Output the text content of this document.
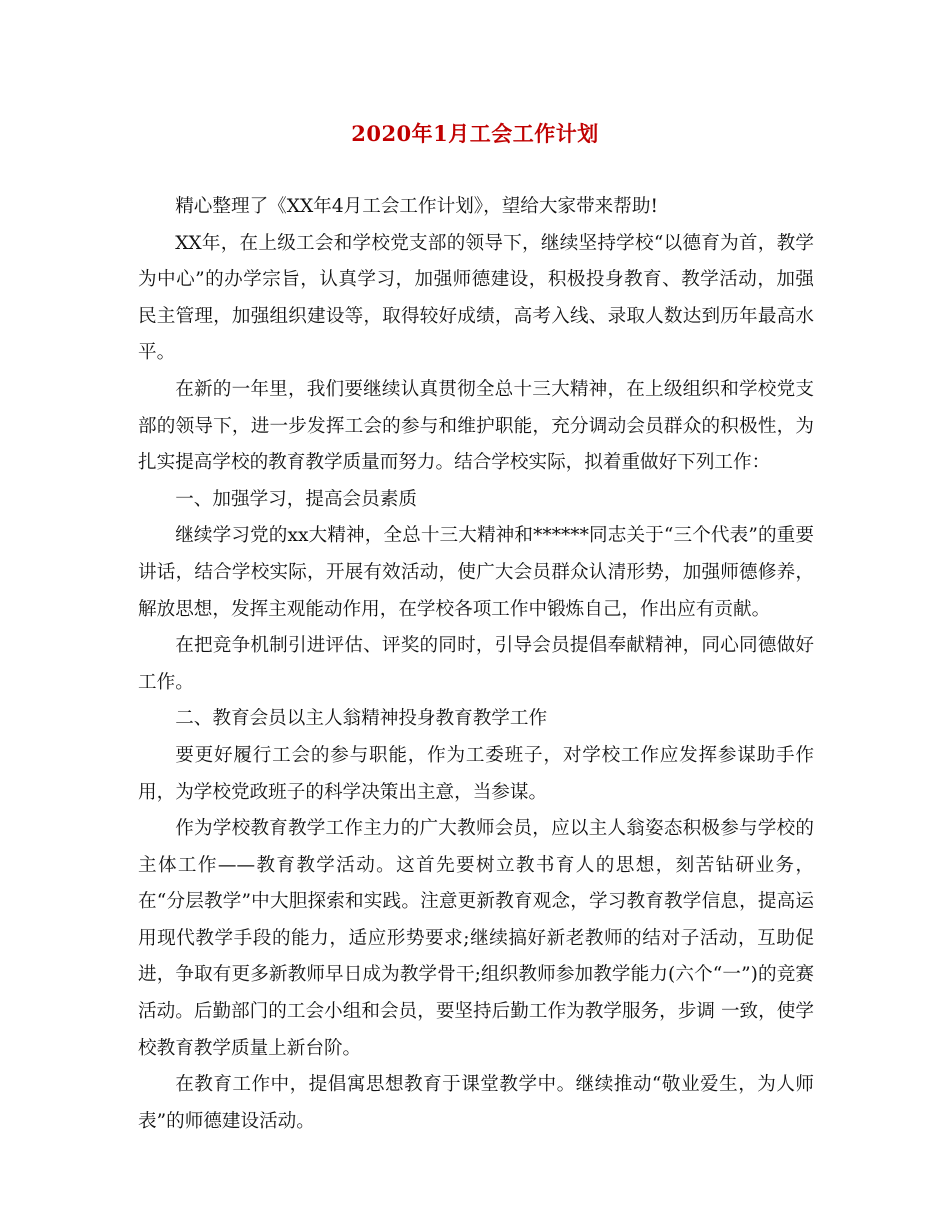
2020年1月工会工作计划

精心整理了《XX年4月工会工作计划》，望给大家带来帮助!

XX年，在上级工会和学校党支部的领导下，继续坚持学校“以德育为首，教学为中心”的办学宗旨，认真学习，加强师德建设，积极投身教育、教学活动，加强民主管理，加强组织建设等，取得较好成绩，高考入线、录取人数达到历年最高水平。

在新的一年里，我们要继续认真贯彻全总十三大精神，在上级组织和学校党支部的领导下，进一步发挥工会的参与和维护职能，充分调动会员群众的积极性，为扎实提高学校的教育教学质量而努力。结合学校实际，拟着重做好下列工作：

一、加强学习，提高会员素质

继续学习党的xx大精神，全总十三大精神和******同志关于“三个代表”的重要讲话，结合学校实际，开展有效活动，使广大会员群众认清形势，加强师德修养，解放思想，发挥主观能动作用，在学校各项工作中锻炼自己，作出应有贡献。

在把竞争机制引进评估、评奖的同时，引导会员提倡奉献精神，同心同德做好工作。

二、教育会员以主人翁精神投身教育教学工作

要更好履行工会的参与职能，作为工委班子，对学校工作应发挥参谋助手作用，为学校党政班子的科学决策出主意，当参谋。

作为学校教育教学工作主力的广大教师会员，应以主人翁姿态积极参与学校的主体工作——教育教学活动。这首先要树立教书育人的思想，刻苦钻研业务，在“分层教学”中大胆探索和实践。注意更新教育观念，学习教育教学信息，提高运用现代教学手段的能力，适应形势要求;继续搞好新老教师的结对子活动，互助促进，争取有更多新教师早日成为教学骨干;组织教师参加教学能力(六个“一”)的竞赛活动。后勤部门的工会小组和会员，要坚持后勤工作为教学服务，步调 一致，使学校教育教学质量上新台阶。

在教育工作中，提倡寓思想教育于课堂教学中。继续推动“敬业爱生，为人师表”的师德建设活动。
